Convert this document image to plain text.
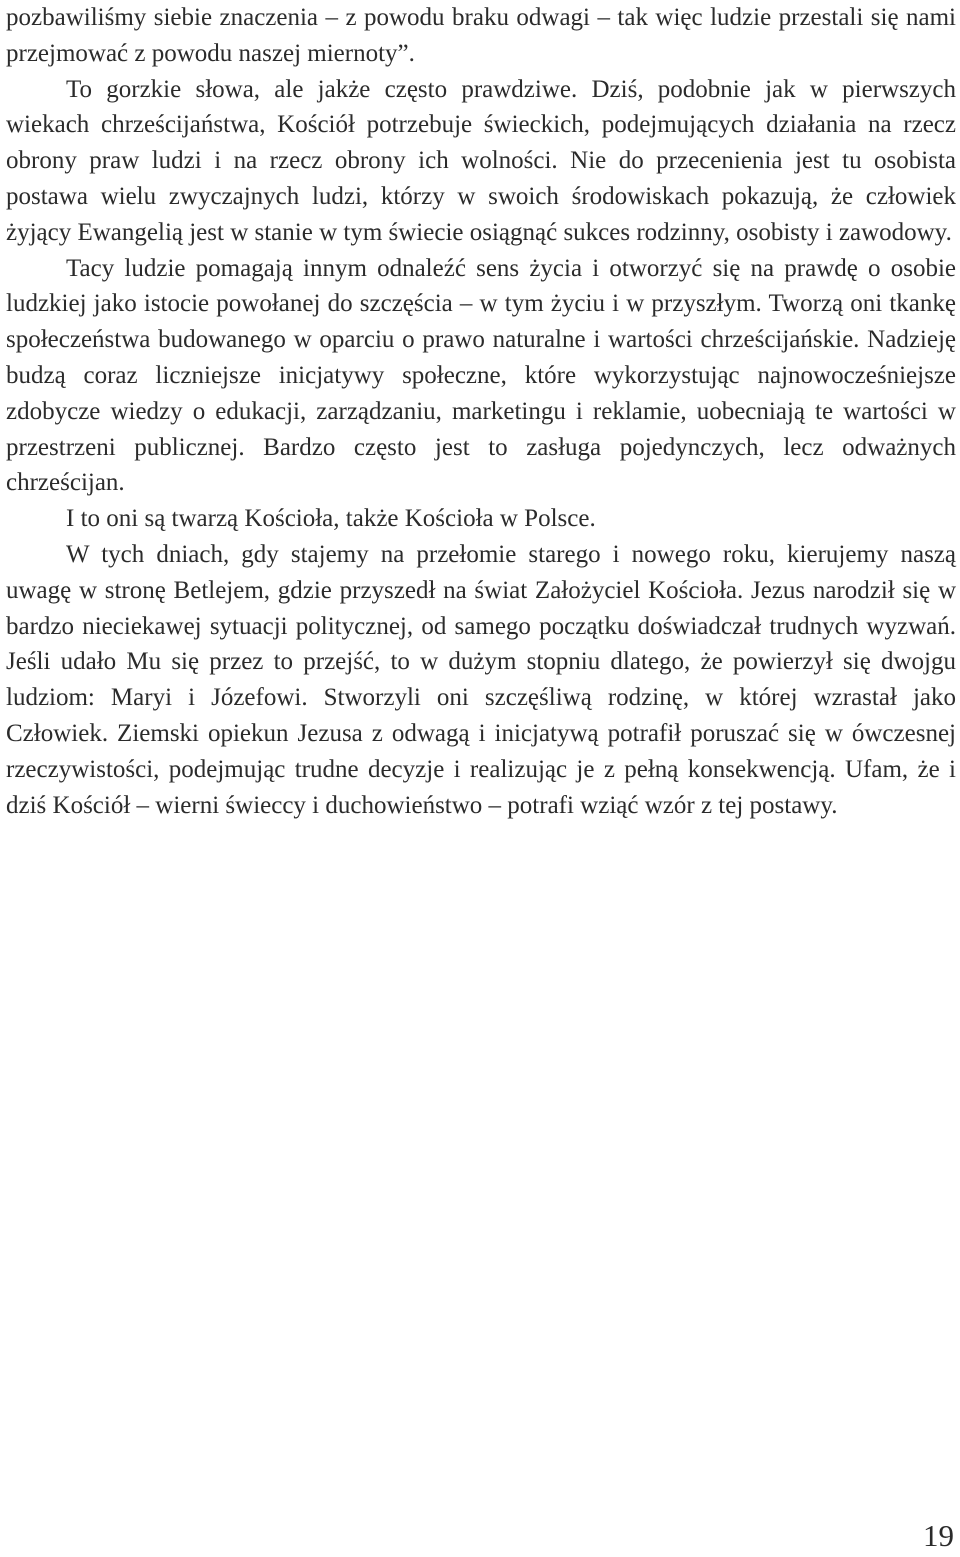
pozbawiliśmy siebie znaczenia – z powodu braku odwagi – tak więc ludzie przestali się nami przejmować z powodu naszej miernoty”.

To gorzkie słowa, ale jakże często prawdziwe. Dziś, podobnie jak w pierwszych wiekach chrześcijaństwa, Kościół potrzebuje świeckich, podejmujących działania na rzecz obrony praw ludzi i na rzecz obrony ich wolności. Nie do przecenienia jest tu osobista postawa wielu zwyczajnych ludzi, którzy w swoich środowiskach pokazują, że człowiek żyjący Ewangelią jest w stanie w tym świecie osiągnąć sukces rodzinny, osobisty i zawodowy.

Tacy ludzie pomagają innym odnaleźć sens życia i otworzyć się na prawdę o osobie ludzkiej jako istocie powołanej do szczęścia – w tym życiu i w przyszłym. Tworzą oni tkankę społeczeństwa budowanego w oparciu o prawo naturalne i wartości chrześcijańskie. Nadzieję budzą coraz liczniejsze inicjatywy społeczne, które wykorzystując najnowocześniejsze zdobycze wiedzy o edukacji, zarządzaniu, marketingu i reklamie, uobecniają te wartości w przestrzeni publicznej. Bardzo często jest to zasługa pojedynczych, lecz odważnych chrześcijan.

I to oni są twarzą Kościoła, także Kościoła w Polsce.

W tych dniach, gdy stajemy na przełomie starego i nowego roku, kierujemy naszą uwagę w stronę Betlejem, gdzie przyszedł na świat Założyciel Kościoła. Jezus narodził się w bardzo nieciekawej sytuacji politycznej, od samego początku doświadczał trudnych wyzwań. Jeśli udało Mu się przez to przejść, to w dużym stopniu dlatego, że powierzył się dwojgu ludziom: Maryi i Józefowi. Stworzyli oni szczęśliwą rodzinę, w której wzrastał jako Człowiek. Ziemski opiekun Jezusa z odwagą i inicjatywą potrafił poruszać się w ówczesnej rzeczywistości, podejmując trudne decyzje i realizując je z pełną konsekwencją. Ufam, że i dziś Kościół – wierni świeccy i duchowieństwo – potrafi wziąć wzór z tej postawy.

19
